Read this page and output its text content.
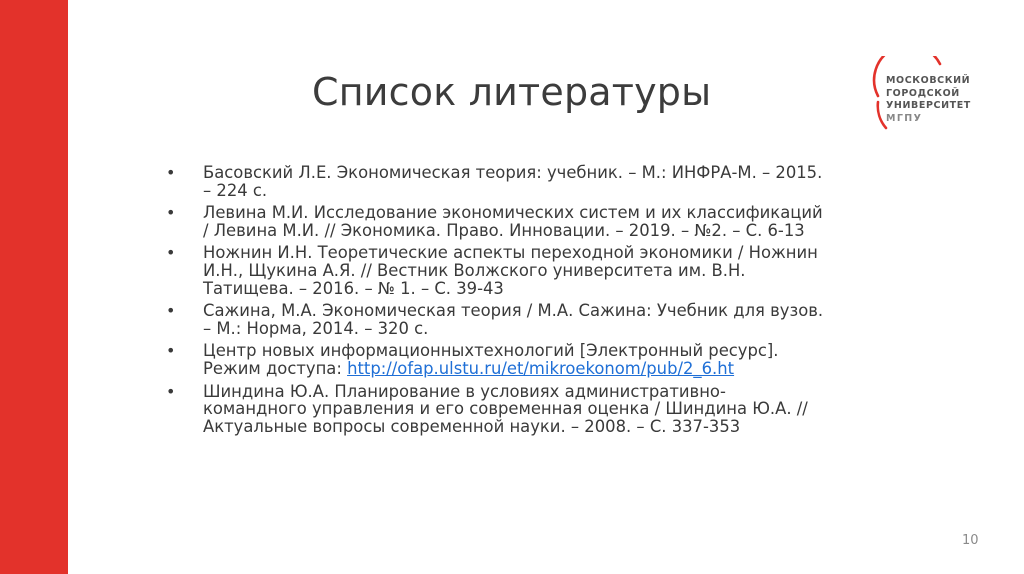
Список литературы	МОСКОВСКИЙ
ГОРОДСКОЙ
УНИВЕРСИТЕТ
МГПУ
• Басовский Л.Е. Экономическая теория: учебник. – М.: ИНФРА-М. – 2015. – 224 с.
• Левина М.И. Исследование экономических систем и их классификаций / Левина М.И. // Экономика. Право. Инновации. – 2019. – №2. – С. 6-13
• Ножнин И.Н. Теоретические аспекты переходной экономики / Ножнин И.Н., Щукина А.Я. // Вестник Волжского университета им. В.Н. Татищева. – 2016. – № 1. – С. 39-43
• Сажина, М.А. Экономическая теория / М.А. Сажина: Учебник для вузов. – М.: Норма, 2014. – 320 с.
• Центр новых информационныхтехнологий [Электронный ресурс]. Режим доступа: http://ofap.ulstu.ru/et/mikroekonom/pub/2_6.ht
• Шиндина Ю.А. Планирование в условиях административно-командного управления и его современная оценка / Шиндина Ю.А. // Актуальные вопросы современной науки. – 2008. – С. 337-353
10
